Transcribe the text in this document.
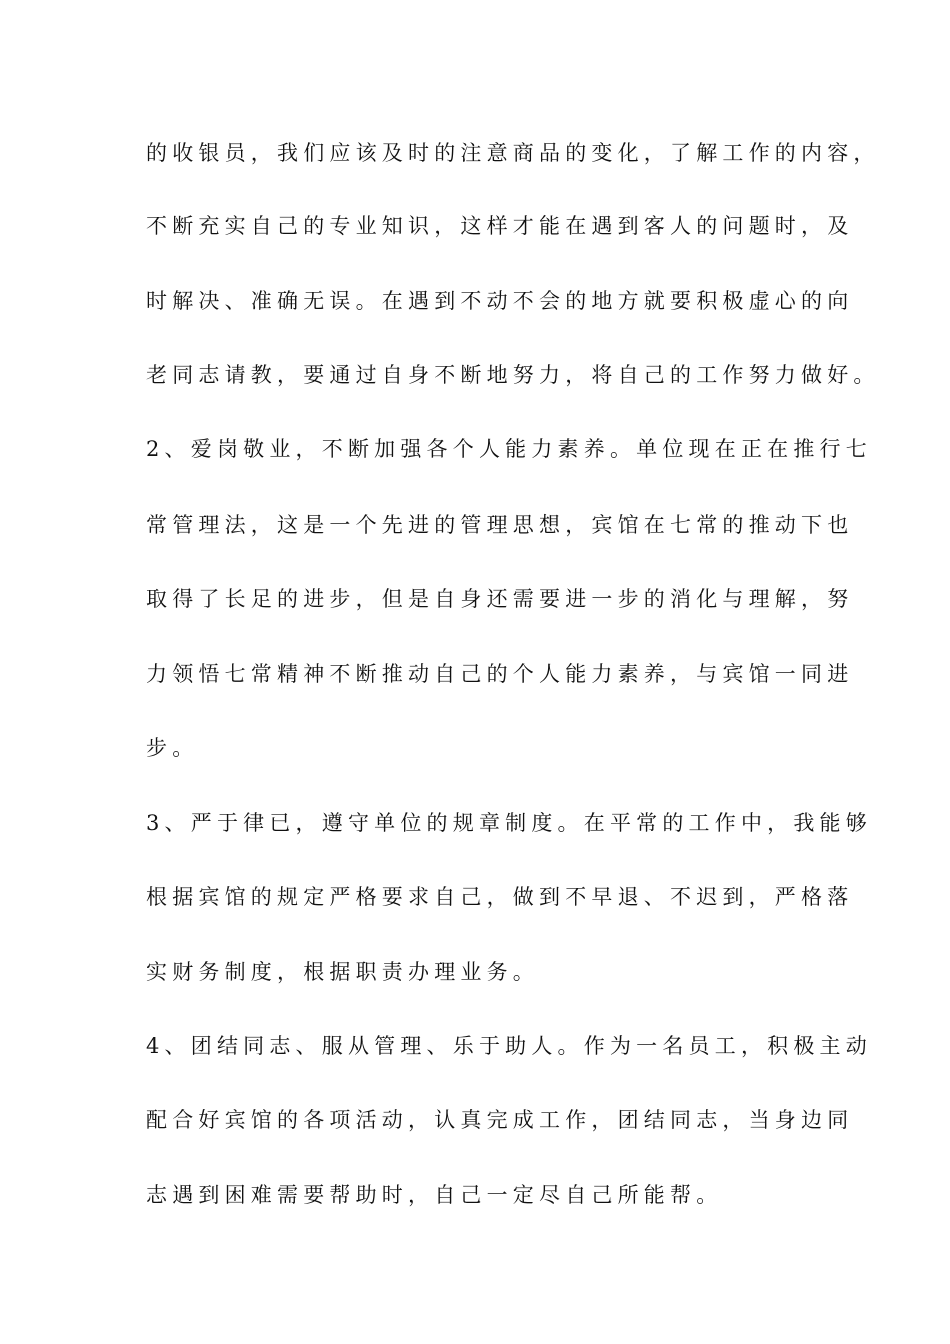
的收银员，我们应该及时的注意商品的变化，了解工作的内容，
不断充实自己的专业知识，这样才能在遇到客人的问题时，及
时解决、准确无误。在遇到不动不会的地方就要积极虚心的向
老同志请教，要通过自身不断地努力，将自己的工作努力做好。
2、爱岗敬业，不断加强各个人能力素养。单位现在正在推行七
常管理法，这是一个先进的管理思想，宾馆在七常的推动下也
取得了长足的进步，但是自身还需要进一步的消化与理解，努
力领悟七常精神不断推动自己的个人能力素养，与宾馆一同进
步。
3、严于律已，遵守单位的规章制度。在平常的工作中，我能够
根据宾馆的规定严格要求自己，做到不早退、不迟到，严格落
实财务制度，根据职责办理业务。
4、团结同志、服从管理、乐于助人。作为一名员工，积极主动
配合好宾馆的各项活动，认真完成工作，团结同志，当身边同
志遇到困难需要帮助时，自己一定尽自己所能帮。
